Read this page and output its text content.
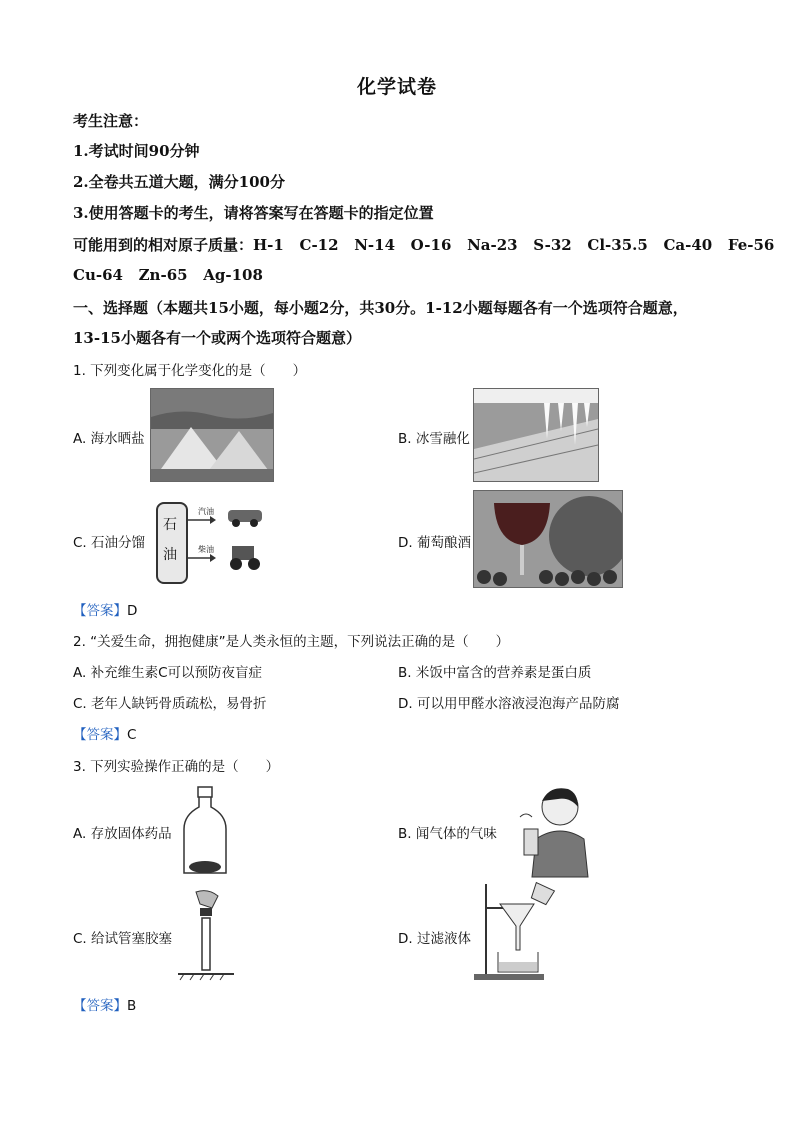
化学试卷
考生注意：
1.考试时间90分钟
2.全卷共五道大题，满分100分
3.使用答题卡的考生，请将答案写在答题卡的指定位置
可能用到的相对原子质量：H-1   C-12   N-14   O-16   Na-23   S-32   Cl-35.5   Ca-40   Fe-56
Cu-64   Zn-65   Ag-108
一、选择题（本题共15小题，每小题2分，共30分。1-12小题每题各有一个选项符合题意，
13-15小题各有一个或两个选项符合题意）
1. 下列变化属于化学变化的是（　　）
A. 海水晒盐	B. 冰雪融化
C. 石油分馏
石
油
汽油
柴油	D. 葡萄酿酒
【答案】D
2. “关爱生命，拥抱健康”是人类永恒的主题，下列说法正确的是（　　）
A. 补充维生素C可以预防夜盲症	B. 米饭中富含的营养素是蛋白质
C. 老年人缺钙骨质疏松，易骨折	D. 可以用甲醛水溶液浸泡海产品防腐
【答案】C
3. 下列实验操作正确的是（　　）
A. 存放固体药品	B. 闻气体的气味
C. 给试管塞胶塞	D. 过滤液体
【答案】B
